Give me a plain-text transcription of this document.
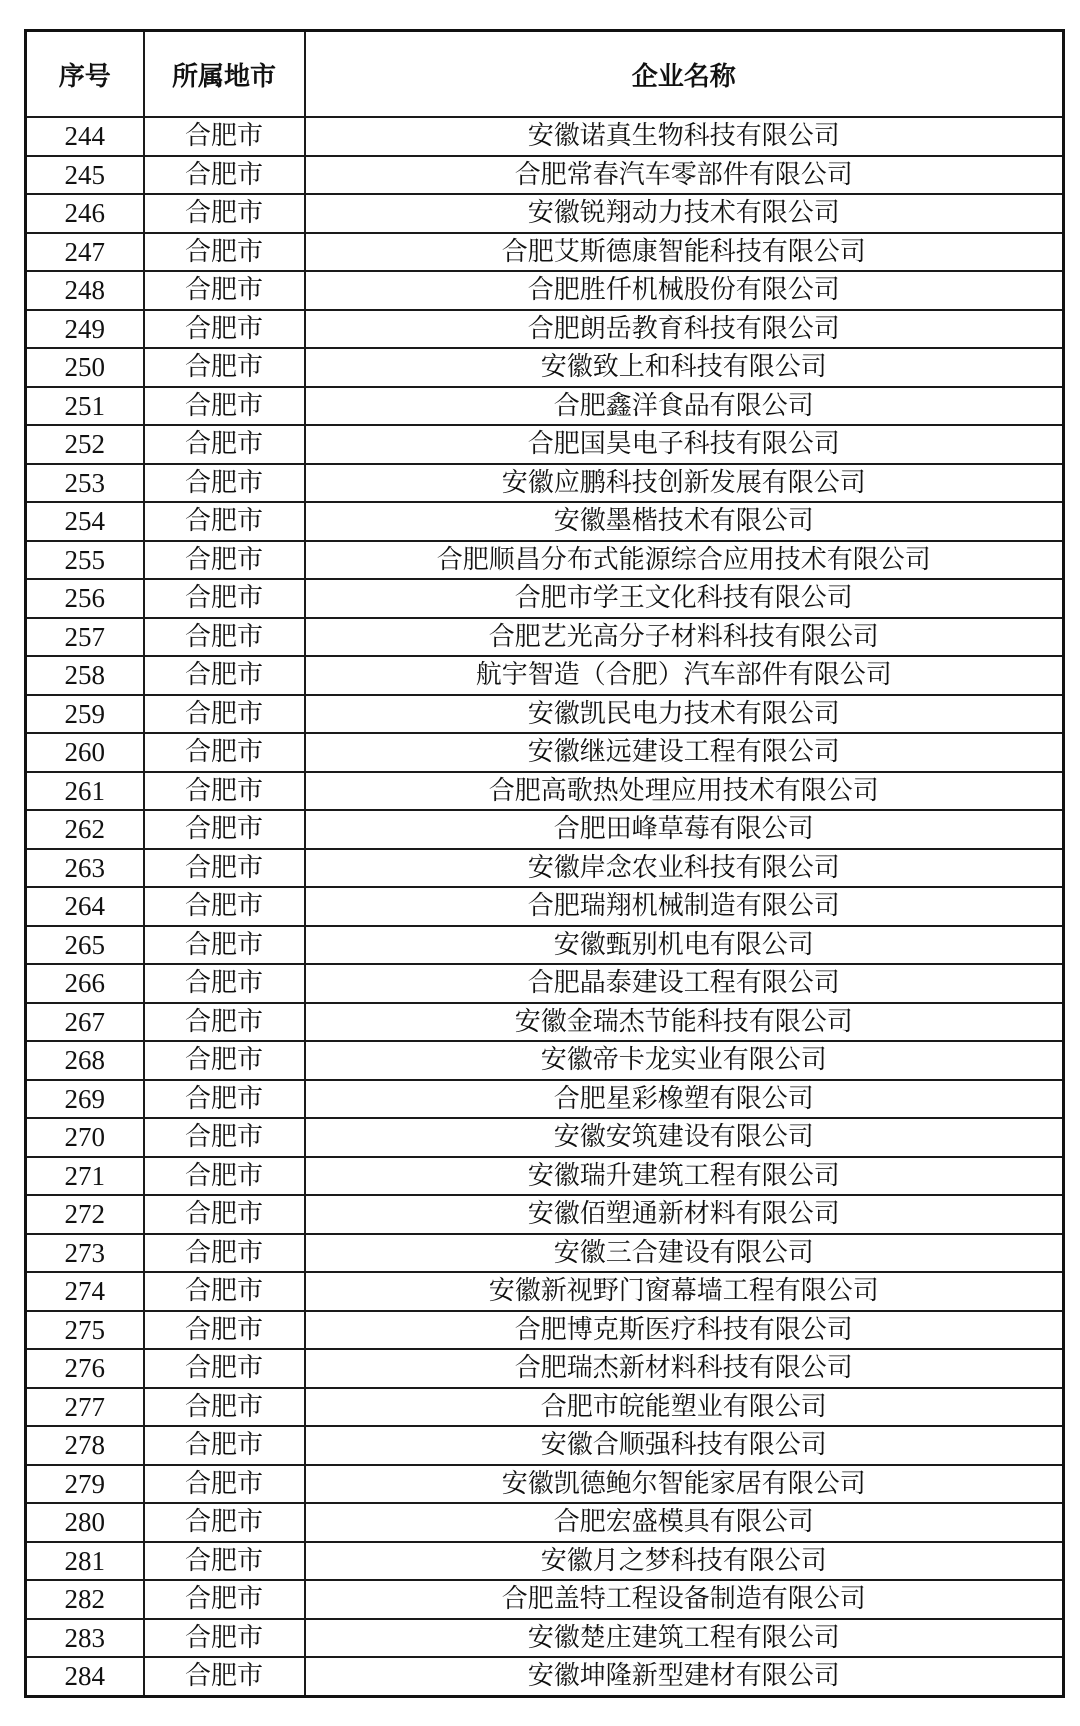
序号	所属地市	企业名称
244	合肥市	安徽诺真生物科技有限公司
245	合肥市	合肥常春汽车零部件有限公司
246	合肥市	安徽锐翔动力技术有限公司
247	合肥市	合肥艾斯德康智能科技有限公司
248	合肥市	合肥胜仟机械股份有限公司
249	合肥市	合肥朗岳教育科技有限公司
250	合肥市	安徽致上和科技有限公司
251	合肥市	合肥鑫洋食品有限公司
252	合肥市	合肥国昊电子科技有限公司
253	合肥市	安徽应鹏科技创新发展有限公司
254	合肥市	安徽墨楷技术有限公司
255	合肥市	合肥顺昌分布式能源综合应用技术有限公司
256	合肥市	合肥市学王文化科技有限公司
257	合肥市	合肥艺光高分子材料科技有限公司
258	合肥市	航宇智造（合肥）汽车部件有限公司
259	合肥市	安徽凯民电力技术有限公司
260	合肥市	安徽继远建设工程有限公司
261	合肥市	合肥高歌热处理应用技术有限公司
262	合肥市	合肥田峰草莓有限公司
263	合肥市	安徽岸念农业科技有限公司
264	合肥市	合肥瑞翔机械制造有限公司
265	合肥市	安徽甄别机电有限公司
266	合肥市	合肥晶泰建设工程有限公司
267	合肥市	安徽金瑞杰节能科技有限公司
268	合肥市	安徽帝卡龙实业有限公司
269	合肥市	合肥星彩橡塑有限公司
270	合肥市	安徽安筑建设有限公司
271	合肥市	安徽瑞升建筑工程有限公司
272	合肥市	安徽佰塑通新材料有限公司
273	合肥市	安徽三合建设有限公司
274	合肥市	安徽新视野门窗幕墙工程有限公司
275	合肥市	合肥博克斯医疗科技有限公司
276	合肥市	合肥瑞杰新材料科技有限公司
277	合肥市	合肥市皖能塑业有限公司
278	合肥市	安徽合顺强科技有限公司
279	合肥市	安徽凯德鲍尔智能家居有限公司
280	合肥市	合肥宏盛模具有限公司
281	合肥市	安徽月之梦科技有限公司
282	合肥市	合肥盖特工程设备制造有限公司
283	合肥市	安徽楚庄建筑工程有限公司
284	合肥市	安徽坤隆新型建材有限公司
